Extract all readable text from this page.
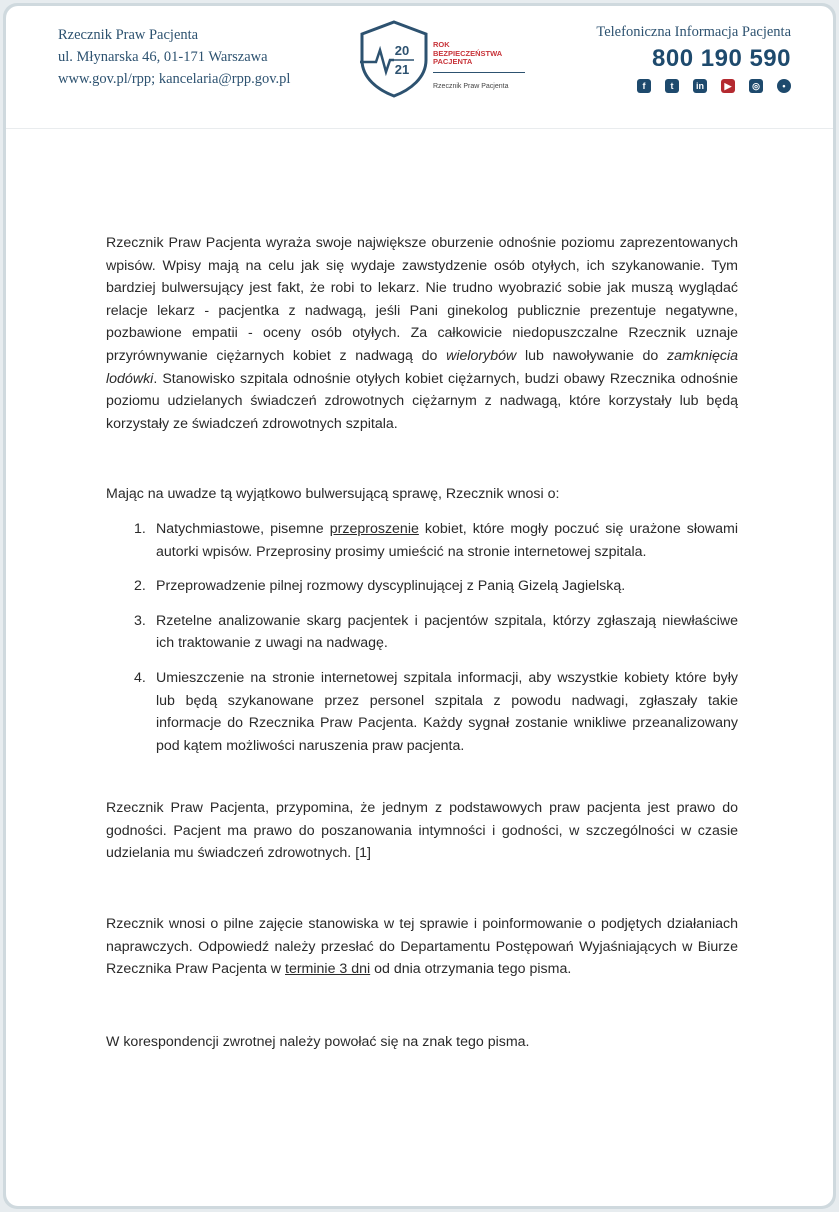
Rzecznik Praw Pacjenta
ul. Młynarska 46, 01-171 Warszawa
www.gov.pl/rpp; kancelaria@rpp.gov.pl
20
21
ROK
BEZPIECZEŃSTWA
PACJENTA
Rzecznik Praw Pacjenta
Telefoniczna Informacja Pacjenta
800 190 590
f	t	in	▶	◎	•

Rzecznik Praw Pacjenta wyraża swoje największe oburzenie odnośnie poziomu zaprezentowanych wpisów. Wpisy mają na celu jak się wydaje zawstydzenie osób otyłych, ich szykanowanie. Tym bardziej bulwersujący jest fakt, że robi to lekarz. Nie trudno wyobrazić sobie jak muszą wyglądać relacje lekarz - pacjentka z nadwagą, jeśli Pani ginekolog publicznie prezentuje negatywne, pozbawione empatii - oceny osób otyłych. Za całkowicie niedopuszczalne Rzecznik uznaje przyrównywanie ciężarnych kobiet z nadwagą do wielorybów lub nawoływanie do zamknięcia lodówki. Stanowisko szpitala odnośnie otyłych kobiet ciężarnych, budzi obawy Rzecznika odnośnie poziomu udzielanych świadczeń zdrowotnych ciężarnym z nadwagą, które korzystały lub będą korzystały ze świadczeń zdrowotnych szpitala.

Mając na uwadze tą wyjątkowo bulwersującą sprawę, Rzecznik wnosi o:

1. Natychmiastowe, pisemne przeproszenie kobiet, które mogły poczuć się urażone słowami autorki wpisów. Przeprosiny prosimy umieścić na stronie internetowej szpitala.
2. Przeprowadzenie pilnej rozmowy dyscyplinującej z Panią Gizelą Jagielską.
3. Rzetelne analizowanie skarg pacjentek i pacjentów szpitala, którzy zgłaszają niewłaściwe ich traktowanie z uwagi na nadwagę.
4. Umieszczenie na stronie internetowej szpitala informacji, aby wszystkie kobiety które były lub będą szykanowane przez personel szpitala z powodu nadwagi, zgłaszały takie informacje do Rzecznika Praw Pacjenta. Każdy sygnał zostanie wnikliwe przeanalizowany pod kątem możliwości naruszenia praw pacjenta.

Rzecznik Praw Pacjenta, przypomina, że jednym z podstawowych praw pacjenta jest prawo do godności. Pacjent ma prawo do poszanowania intymności i godności, w szczególności w czasie udzielania mu świadczeń zdrowotnych. [1]

Rzecznik wnosi o pilne zajęcie stanowiska w tej sprawie i poinformowanie o podjętych działaniach naprawczych. Odpowiedź należy przesłać do Departamentu Postępowań Wyjaśniających w Biurze Rzecznika Praw Pacjenta w terminie 3 dni od dnia otrzymania tego pisma.

W korespondencji zwrotnej należy powołać się na znak tego pisma.
